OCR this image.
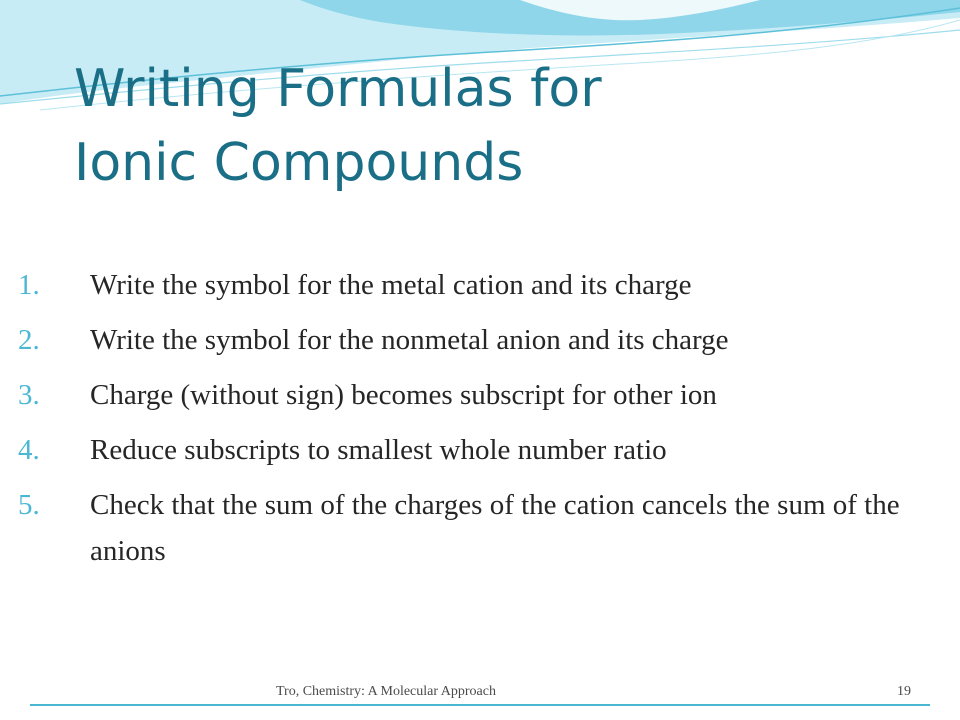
Writing Formulas for
Ionic Compounds
1.	Write the symbol for the metal cation and its charge
2.	Write the symbol for the nonmetal anion and its charge
3.	Charge (without sign) becomes subscript for other ion
4.	Reduce subscripts to smallest whole number ratio
5.	Check that the sum of the charges of the cation cancels the sum of the anions
Tro, Chemistry: A Molecular Approach	19
